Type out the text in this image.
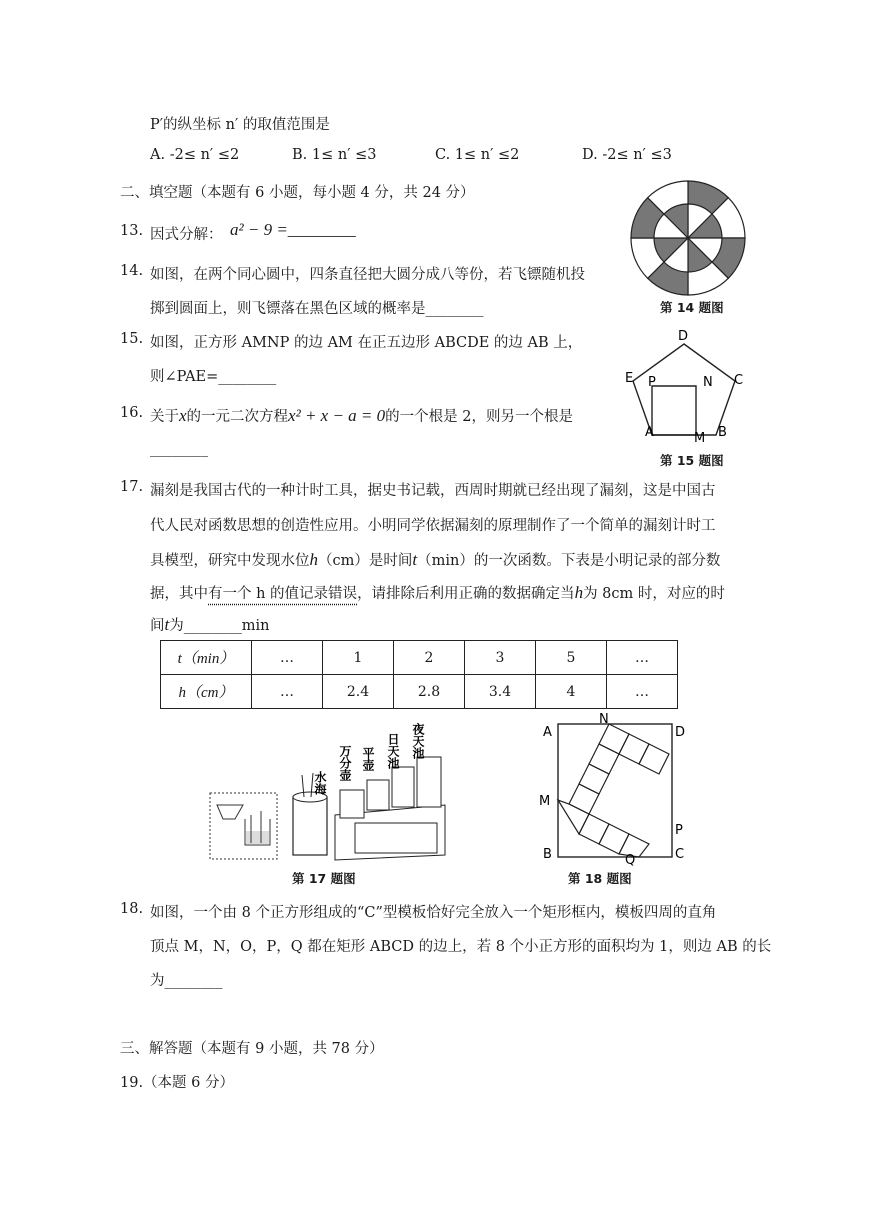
P′的纵坐标 n′ 的取值范围是
A. -2≤ n′ ≤2	B. 1≤ n′ ≤3	C. 1≤ n′ ≤2	D. -2≤ n′ ≤3
二、填空题（本题有 6 小题，每小题 4 分，共 24 分）
13. 因式分解： a² − 9 =________
14. 如图，在两个同心圆中，四条直径把大圆分成八等份，若飞镖随机投
掷到圆面上，则飞镖落在黑色区域的概率是________	第 14 题图
15. 如图，正方形 AMNP 的边 AM 在正五边形 ABCDE 的边 AB 上，
则∠PAE=________
D
E	C
P	N
A	M B
第 15 题图
16. 关于x的一元二次方程x² + x − a = 0的一个根是 2，则另一个根是
________
17. 漏刻是我国古代的一种计时工具，据史书记载，西周时期就已经出现了漏刻，这是中国古
代人民对函数思想的创造性应用。小明同学依据漏刻的原理制作了一个简单的漏刻计时工
具模型，研究中发现水位h（cm）是时间t（min）的一次函数。下表是小明记录的部分数
据，其中有一个 h 的值记录错误，请排除后利用正确的数据确定当h为 8cm 时，对应的时
间t为________min
t（min）	…	1	2	3	5	…
h（cm）	…	2.4	2.8	3.4	4	…
水海
万分壶 平壶 日天池 夜天池
第 17 题图
A
N
D
M
P
B	Q	C
第 18 题图
18. 如图，一个由 8 个正方形组成的“C”型模板恰好完全放入一个矩形框内，模板四周的直角
顶点 M，N，O，P，Q 都在矩形 ABCD 的边上，若 8 个小正方形的面积均为 1，则边 AB 的长
为________
三、解答题（本题有 9 小题，共 78 分）
19.（本题 6 分）
